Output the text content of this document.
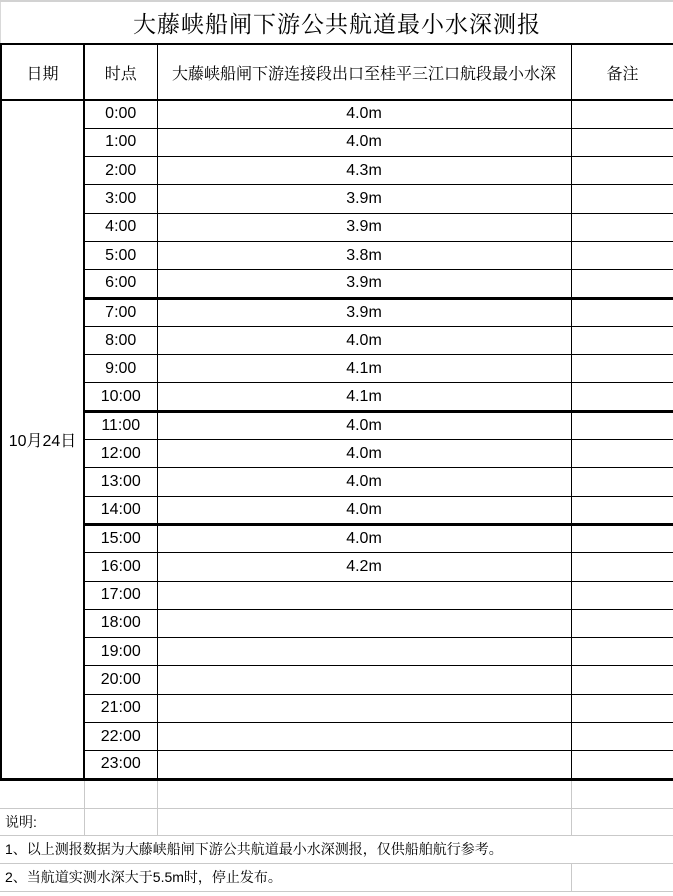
大藤峡船闸下游公共航道最小水深测报
日期	时点	大藤峡船闸下游连接段出口至桂平三江口航段最小水深	备注
10月24日	0:00	4.0m	
	1:00	4.0m	
	2:00	4.3m	
	3:00	3.9m	
	4:00	3.9m	
	5:00	3.8m	
	6:00	3.9m	
	7:00	3.9m	
	8:00	4.0m	
	9:00	4.1m	
	10:00	4.1m	
	11:00	4.0m	
	12:00	4.0m	
	13:00	4.0m	
	14:00	4.0m	
	15:00	4.0m	
	16:00	4.2m	
	17:00		
	18:00		
	19:00		
	20:00		
	21:00		
	22:00		
	23:00		
说明:
1、以上测报数据为大藤峡船闸下游公共航道最小水深测报，仅供船舶航行参考。
2、当航道实测水深大于5.5m时，停止发布。
